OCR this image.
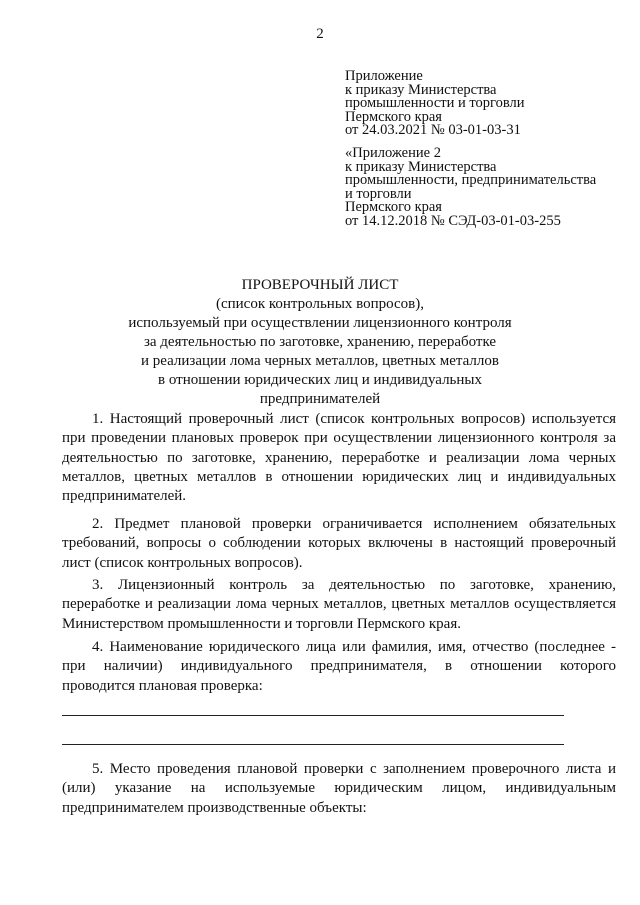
2
Приложение
к приказу Министерства
промышленности и торговли
Пермского края
от 24.03.2021 № 03-01-03-31
«Приложение 2
к приказу Министерства
промышленности, предпринимательства
и торговли
Пермского края
от 14.12.2018 № СЭД-03-01-03-255
ПРОВЕРОЧНЫЙ ЛИСТ
(список контрольных вопросов),
используемый при осуществлении лицензионного контроля
за деятельностью по заготовке, хранению, переработке
и реализации лома черных металлов, цветных металлов
в отношении юридических лиц и индивидуальных
предпринимателей
1. Настоящий проверочный лист (список контрольных вопросов) используется
при проведении плановых проверок при осуществлении лицензионного контроля за
деятельностью по заготовке, хранению, переработке и реализации лома черных
металлов, цветных металлов в отношении юридических лиц и индивидуальных
предпринимателей.
2. Предмет плановой проверки ограничивается исполнением обязательных
требований, вопросы о соблюдении которых включены в настоящий проверочный
лист (список контрольных вопросов).
3. Лицензионный контроль за деятельностью по заготовке, хранению,
переработке и реализации лома черных металлов, цветных металлов осуществляется
Министерством промышленности и торговли Пермского края.
4. Наименование юридического лица или фамилия, имя, отчество (последнее -
при наличии) индивидуального предпринимателя, в отношении которого
проводится плановая проверка:
5. Место проведения плановой проверки с заполнением проверочного листа и
(или) указание на используемые юридическим лицом, индивидуальным
предпринимателем производственные объекты:
